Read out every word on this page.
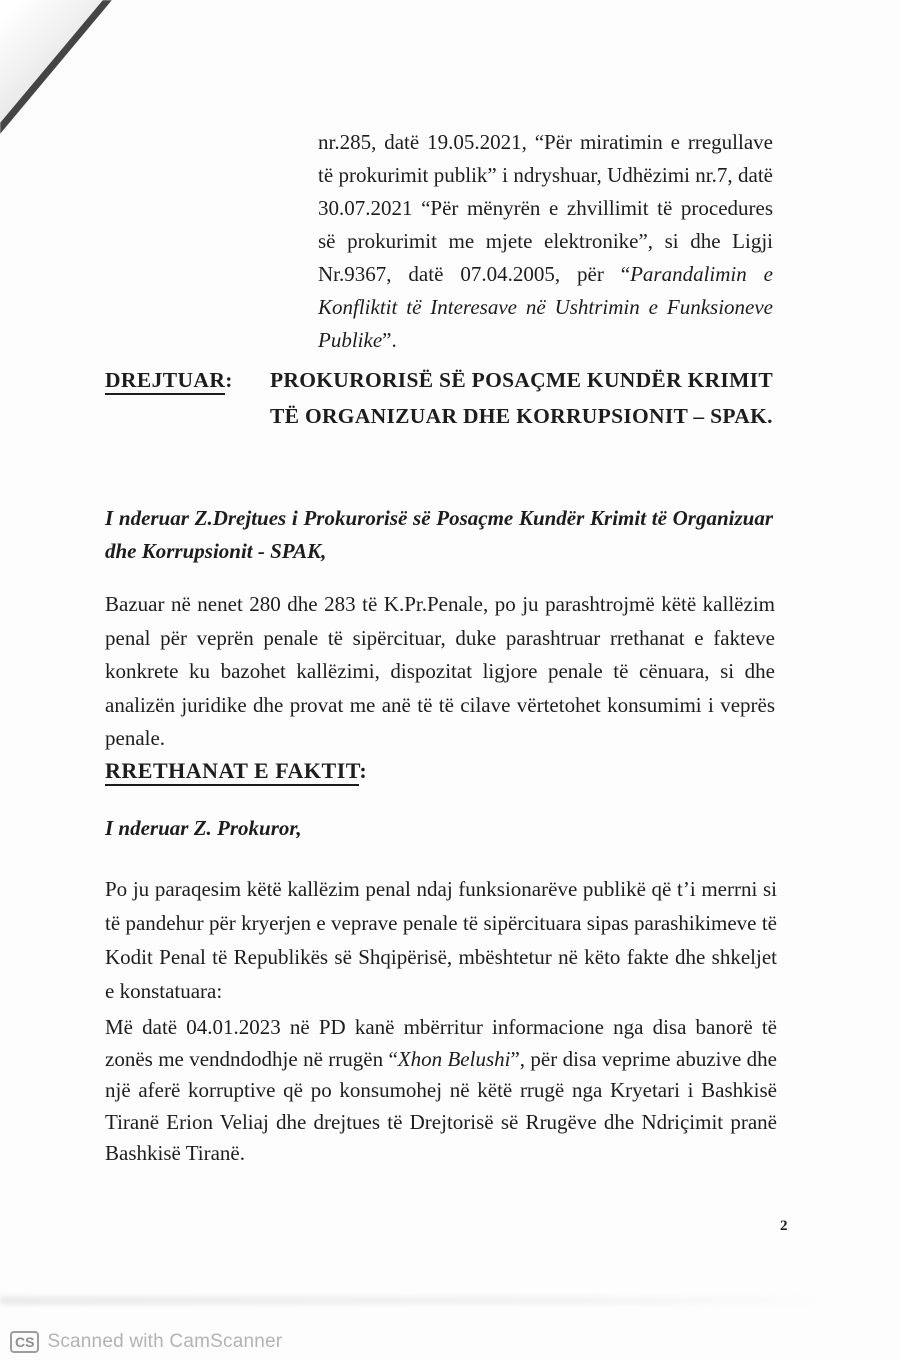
nr.285, datë 19.05.2021, “Për miratimin e rregullave të prokurimit publik” i ndryshuar, Udhëzimi nr.7, datë 30.07.2021 “Për mënyrën e zhvillimit të procedures së prokurimit me mjete elektronike”, si dhe Ligji Nr.9367, datë 07.04.2005, për “Parandalimin e Konfliktit të Interesave në Ushtrimin e Funksioneve Publike”.
DREJTUAR:	PROKURORISË SË POSAÇME KUNDËR KRIMIT TË ORGANIZUAR DHE KORRUPSIONIT – SPAK.
I nderuar Z.Drejtues i Prokurorisë së Posaçme Kundër Krimit të Organizuar dhe Korrupsionit - SPAK,
Bazuar në nenet 280 dhe 283 të K.Pr.Penale, po ju parashtrojmë këtë kallëzim penal për veprën penale të sipërcituar, duke parashtruar rrethanat e fakteve konkrete ku bazohet kallëzimi, dispozitat ligjore penale të cënuara, si dhe analizën juridike dhe provat me anë të të cilave vërtetohet konsumimi i veprës penale.
RRETHANAT E FAKTIT:
I nderuar Z. Prokuror,
Po ju paraqesim këtë kallëzim penal ndaj funksionarëve publikë që t’i merrni si të pandehur për kryerjen e veprave penale të sipërcituara sipas parashikimeve të Kodit Penal të Republikës së Shqipërisë, mbështetur në këto fakte dhe shkeljet e konstatuara:
Më datë 04.01.2023 në PD kanë mbërritur informacione nga disa banorë të zonës me vendndodhje në rrugën “Xhon Belushi”, për disa veprime abuzive dhe një aferë korruptive që po konsumohej në këtë rrugë nga Kryetari i Bashkisë Tiranë Erion Veliaj dhe drejtues të Drejtorisë së Rrugëve dhe Ndriçimit pranë Bashkisë Tiranë.
2
CS Scanned with CamScanner
